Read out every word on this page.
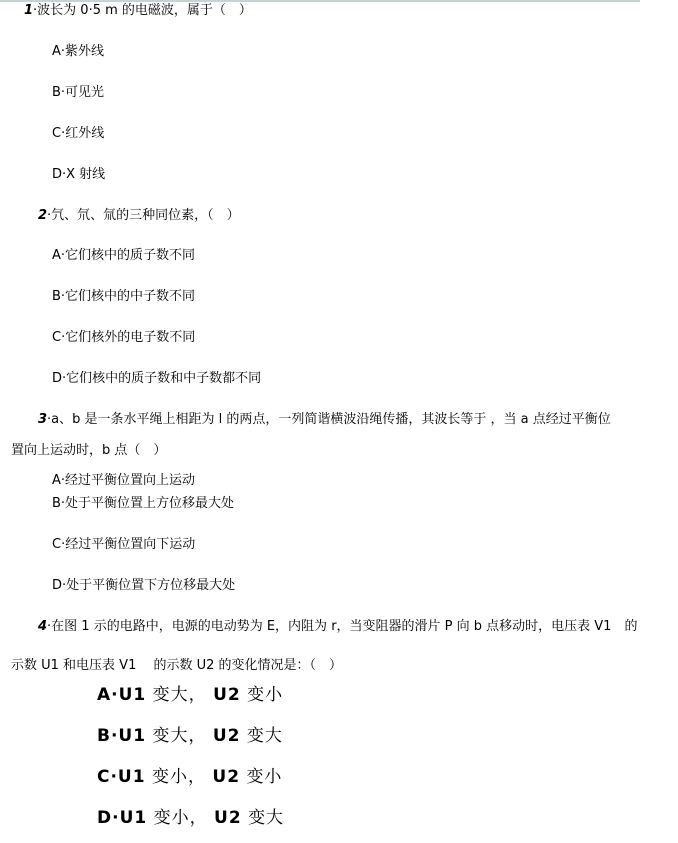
1·波长为 0·5 m 的电磁波，属于（　）
A·紫外线
B·可见光
C·红外线
D·X 射线
2·氕、氘、氚的三种同位素，（　）
A·它们核中的质子数不同
B·它们核中的中子数不同
C·它们核外的电子数不同
D·它们核中的质子数和中子数都不同
3·a、b 是一条水平绳上相距为 l 的两点，一列简谐横波沿绳传播，其波长等于 ，当 a 点经过平衡位
置向上运动时，b 点（　）
A·经过平衡位置向上运动
B·处于平衡位置上方位移最大处
C·经过平衡位置向下运动
D·处于平衡位置下方位移最大处
4·在图 1 示的电路中，电源的电动势为 E，内阻为 r，当变阻器的滑片 P 向 b 点移动时，电压表 V1　的
示数 U1 和电压表 V1　 的示数 U2 的变化情况是：（　）
A·U1 变大， U2 变小
B·U1 变大， U2 变大
C·U1 变小， U2 变小
D·U1 变小， U2 变大
